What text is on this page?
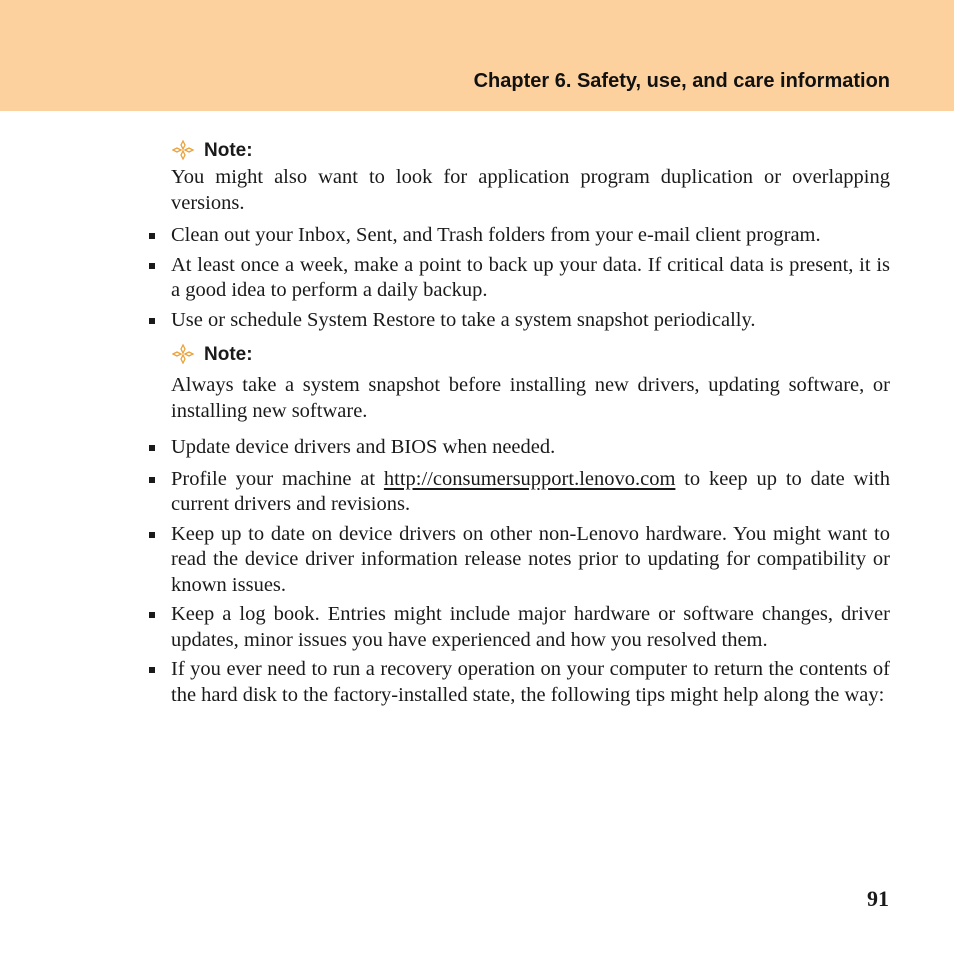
Chapter 6. Safety, use, and care information
Note:

You might also want to look for application program duplication or overlapping versions.

Clean out your Inbox, Sent, and Trash folders from your e-mail client program.
At least once a week, make a point to back up your data. If critical data is present, it is a good idea to perform a daily backup.
Use or schedule System Restore to take a system snapshot periodically.
Note:

Always take a system snapshot before installing new drivers, updating software, or installing new software.

Update device drivers and BIOS when needed.
Profile your machine at http://consumersupport.lenovo.com to keep up to date with current drivers and revisions.
Keep up to date on device drivers on other non-Lenovo hardware. You might want to read the device driver information release notes prior to updating for compatibility or known issues.
Keep a log book. Entries might include major hardware or software changes, driver updates, minor issues you have experienced and how you resolved them.
If you ever need to run a recovery operation on your computer to return the contents of the hard disk to the factory-installed state, the following tips might help along the way:
91
